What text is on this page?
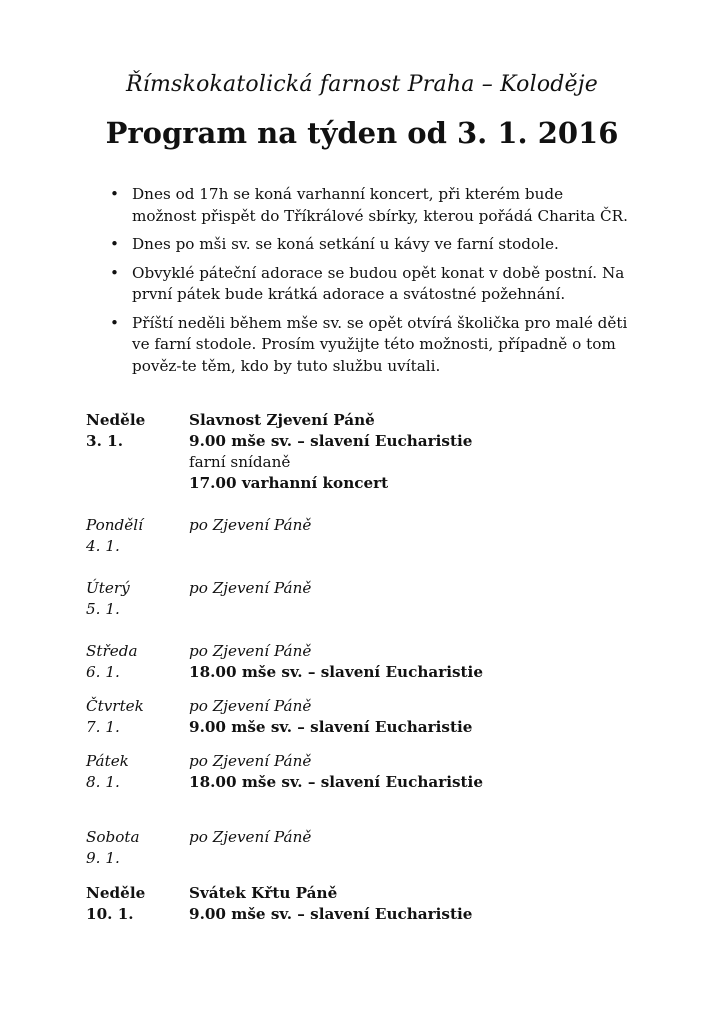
Římskokatolická farnost Praha – Koloděje
Program na týden od 3. 1. 2016
• Dnes od 17h se koná varhanní koncert, při kterém bude možnost přispět do Tříkrálové sbírky, kterou pořádá Charita ČR.
• Dnes po mši sv. se koná setkání u kávy ve farní stodole.
• Obvyklé páteční adorace se budou opět konat v době postní. Na první pátek bude krátká adorace a svátostné požehnání.
• Příští neděli během mše sv. se opět otvírá školička pro malé děti ve farní stodole. Prosím využijte této možnosti, případně o tom pověz-te těm, kdo by tuto službu uvítali.
Neděle
3. 1.
Slavnost Zjevení Páně
9.00 mše sv. – slavení Eucharistie
farní snídaně
17.00 varhanní koncert
Pondělí
4. 1.
po Zjevení Páně
Úterý
5. 1.
po Zjevení Páně
Středa
6. 1.
po Zjevení Páně
18.00 mše sv. – slavení Eucharistie
Čtvrtek
7. 1.
po Zjevení Páně
9.00 mše sv. – slavení Eucharistie
Pátek
8. 1.
po Zjevení Páně
18.00 mše sv. – slavení Eucharistie
Sobota
9. 1.
po Zjevení Páně
Neděle
10. 1.
Svátek Křtu Páně
9.00 mše sv. – slavení Eucharistie
